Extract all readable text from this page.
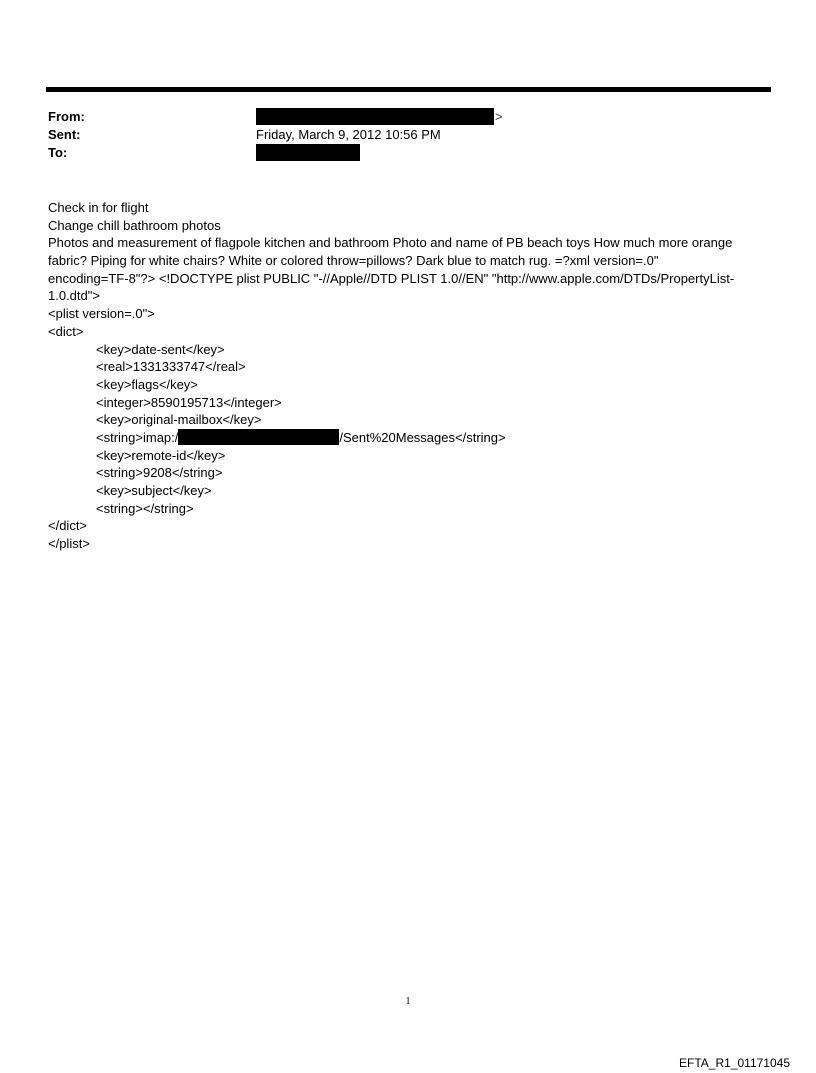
From:	>
Sent:	Friday, March 9, 2012 10:56 PM
To:
Check in for flight
Change chill bathroom photos
Photos and measurement of flagpole kitchen and bathroom Photo and name of PB beach toys How much more orange
fabric? Piping for white chairs? White or colored throw=pillows? Dark blue to match rug. =?xml version=.0"
encoding=TF-8"?> <!DOCTYPE plist PUBLIC "-//Apple//DTD PLIST 1.0//EN" "http://www.apple.com/DTDs/PropertyList-
1.0.dtd">
<plist version=.0">
<dict>
<key>date-sent</key>
<real>1331333747</real>
<key>flags</key>
<integer>8590195713</integer>
<key>original-mailbox</key>
<string>imap:/	/Sent%20Messages</string>
<key>remote-id</key>
<string>9208</string>
<key>subject</key>
<string></string>
</dict>
</plist>
1
EFTA_R1_01171045
